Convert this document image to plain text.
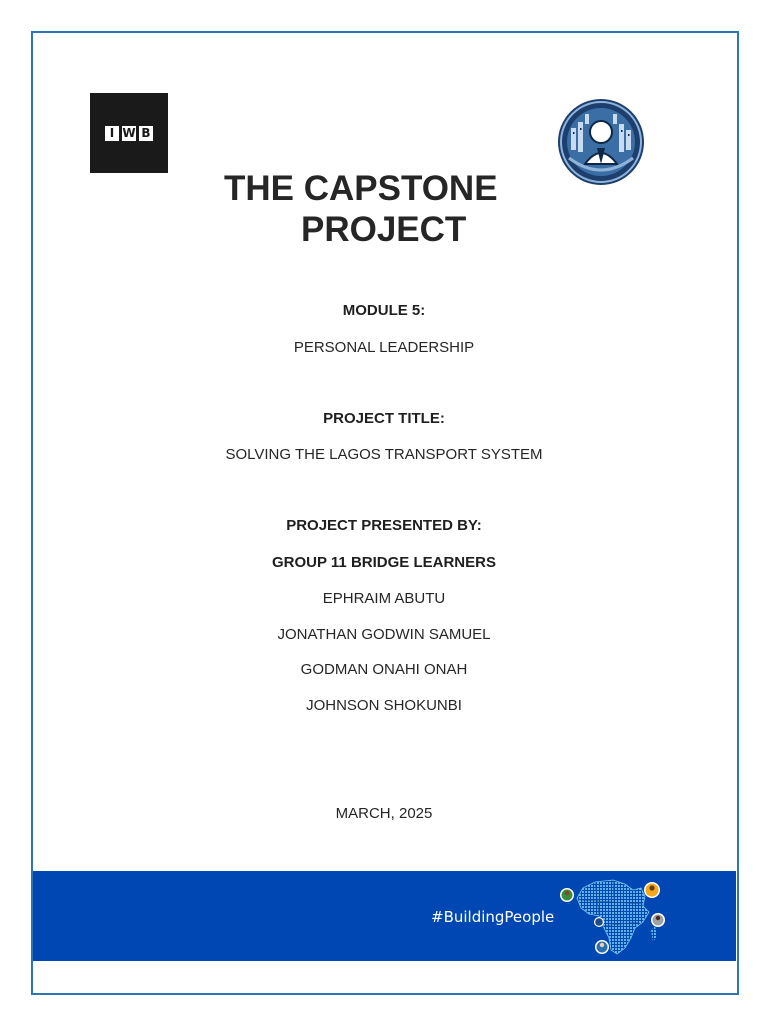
I W B
THE CAPSTONE
PROJECT
MODULE 5:
PERSONAL LEADERSHIP
PROJECT TITLE:
SOLVING THE LAGOS TRANSPORT SYSTEM
PROJECT PRESENTED BY:
GROUP 11 BRIDGE LEARNERS
EPHRAIM ABUTU
JONATHAN GODWIN SAMUEL
GODMAN ONAHI ONAH
JOHNSON SHOKUNBI
MARCH, 2025
#BuildingPeople
